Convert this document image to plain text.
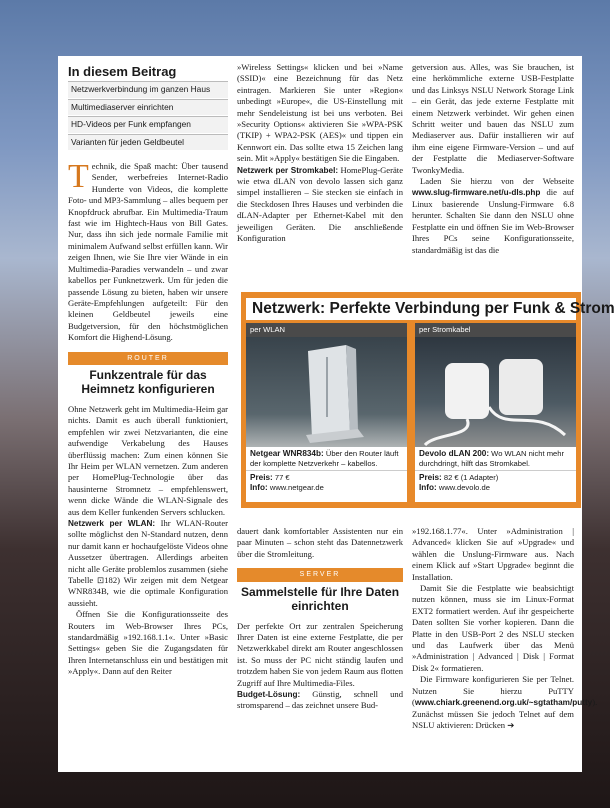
In diesem Beitrag
Netzwerkverbindung im ganzen Haus
Multimediaserver einrichten
HD-Videos per Funk empfangen
Varianten für jeden Geldbeutel

Technik, die Spaß macht: Über tausend Sender, werbefreies Internet-Radio Hunderte von Videos, die komplette Foto- und MP3-Sammlung – alles bequem per Knopfdruck abrufbar. Ein Multimedia-Traum fast wie im Hightech-Haus von Bill Gates. Nur, dass ihn sich jede normale Familie mit minimalem Aufwand selbst erfüllen kann. Wir zeigen Ihnen, wie Sie Ihre vier Wände in ein Multimedia-Paradies verwandeln – und zwar kabellos per Funknetzwerk. Um für jeden die passende Lösung zu bieten, haben wir unsere Geräte-Empfehlungen aufgeteilt: Für den kleinen Geldbeutel jeweils eine Budgetversion, für den höchstmöglichen Komfort die Highend-Lösung.

ROUTER
Funkzentrale für das Heimnetz konfigurieren

Ohne Netzwerk geht im Multimedia-Heim gar nichts. Damit es auch überall funktioniert, empfehlen wir zwei Netzvarianten, die eine aufwendige Verkabelung des Hauses überflüssig machen: Zum einen können Sie Ihr Heim per WLAN vernetzen. Zum anderen per HomePlug-Technologie über das hausinterne Stromnetz – empfehlenswert, wenn dicke Wände die WLAN-Signale des aus dem Keller funkenden Servers schlucken.

Netzwerk per WLAN: Ihr WLAN-Router sollte möglichst den N-Standard nutzen, denn nur damit kann er hochaufgelöste Videos ohne Aussetzer übertragen. Allerdings arbeiten nicht alle Geräte problemlos zusammen (siehe Tabelle ⊡182) Wir zeigen mit dem Netgear WNR834B, wie die optimale Konfiguration aussieht.

Öffnen Sie die Konfigurationsseite des Routers im Web-Browser Ihres PCs, standardmäßig »192.168.1.1«. Unter »Basic Settings« geben Sie die Zugangsdaten für Ihren Internetanschluss ein und bestätigen mit »Apply«. Dann auf den Reiter

»Wireless Settings« klicken und bei »Name (SSID)« eine Bezeichnung für das Netz eintragen. Markieren Sie unter »Region« unbedingt »Europe«, die US-Einstellung mit mehr Sendeleistung ist bei uns verboten. Bei »Security Options« aktivieren Sie »WPA-PSK (TKIP) + WPA2-PSK (AES)« und tippen ein Kennwort ein. Das sollte etwa 15 Zeichen lang sein. Mit »Apply« bestätigen Sie die Eingaben.

Netzwerk per Stromkabel: HomePlug-Geräte wie etwa dLAN von devolo lassen sich ganz simpel installieren – Sie stecken sie einfach in die Steckdosen Ihres Hauses und verbinden die dLAN-Adapter per Ethernet-Kabel mit den jeweiligen Geräten. Die anschließende Konfiguration

getversion aus. Alles, was Sie brauchen, ist eine herkömmliche externe USB-Festplatte und das Linksys NSLU Network Storage Link – ein Gerät, das jede externe Festplatte mit einem Netzwerk verbindet. Wir gehen einen Schritt weiter und bauen das NSLU zum Mediaserver aus. Dafür installieren wir auf ihm eine eigene Firmware-Version – und auf der Festplatte die Mediaserver-Software TwonkyMedia.

Laden Sie hierzu von der Webseite www.slug-firmware.net/u-dls.php die auf Linux basierende Unslung-Firmware 6.8 herunter. Schalten Sie dann den NSLU ohne Festplatte ein und öffnen Sie im Web-Browser Ihres PCs seine Konfigurationsseite, standardmäßig ist das die

dauert dank komfortabler Assistenten nur ein paar Minuten – schon steht das Datennetzwerk über die Stromleitung.

SERVER
Sammelstelle für Ihre Daten einrichten

Der perfekte Ort zur zentralen Speicherung Ihrer Daten ist eine externe Festplatte, die per Netzwerkkabel direkt am Router angeschlossen ist. So muss der PC nicht ständig laufen und trotzdem haben Sie von jedem Raum aus flotten Zugriff auf Ihre Multimedia-Files.

Budget-Lösung: Günstig, schnell und stromsparend – das zeichnet unsere Bud-

»192.168.1.77«. Unter »Administration | Advanced« klicken Sie auf »Upgrade« und wählen die Unslung-Firmware aus. Nach einem Klick auf »Start Upgrade« beginnt die Installation.

Damit Sie die Festplatte wie beabsichtigt nutzen können, muss sie im Linux-Format EXT2 formatiert werden. Auf ihr gespeicherte Daten sollten Sie vorher kopieren. Dann die Platte in den USB-Port 2 des NSLU stecken und das Laufwerk über das Menü »Administration | Advanced | Disk | Format Disk 2« formatieren.

Die Firmware konfigurieren Sie per Telnet. Nutzen Sie hierzu PuTTY (www.chiark.greenend.org.uk/~sgtatham/putty). Zunächst müssen Sie jedoch Telnet auf dem NSLU aktivieren: Drücken ➔

Netzwerk: Perfekte Verbindung per Funk & Strom
per WLAN
Netgear WNR834b: Über den Router läuft der komplette Netzverkehr – kabellos.
Preis: 77 €
Info: www.netgear.de
per Stromkabel
Devolo dLAN 200: Wo WLAN nicht mehr durchdringt, hilft das Stromkabel.
Preis: 82 € (1 Adapter)
Info: www.devolo.de
